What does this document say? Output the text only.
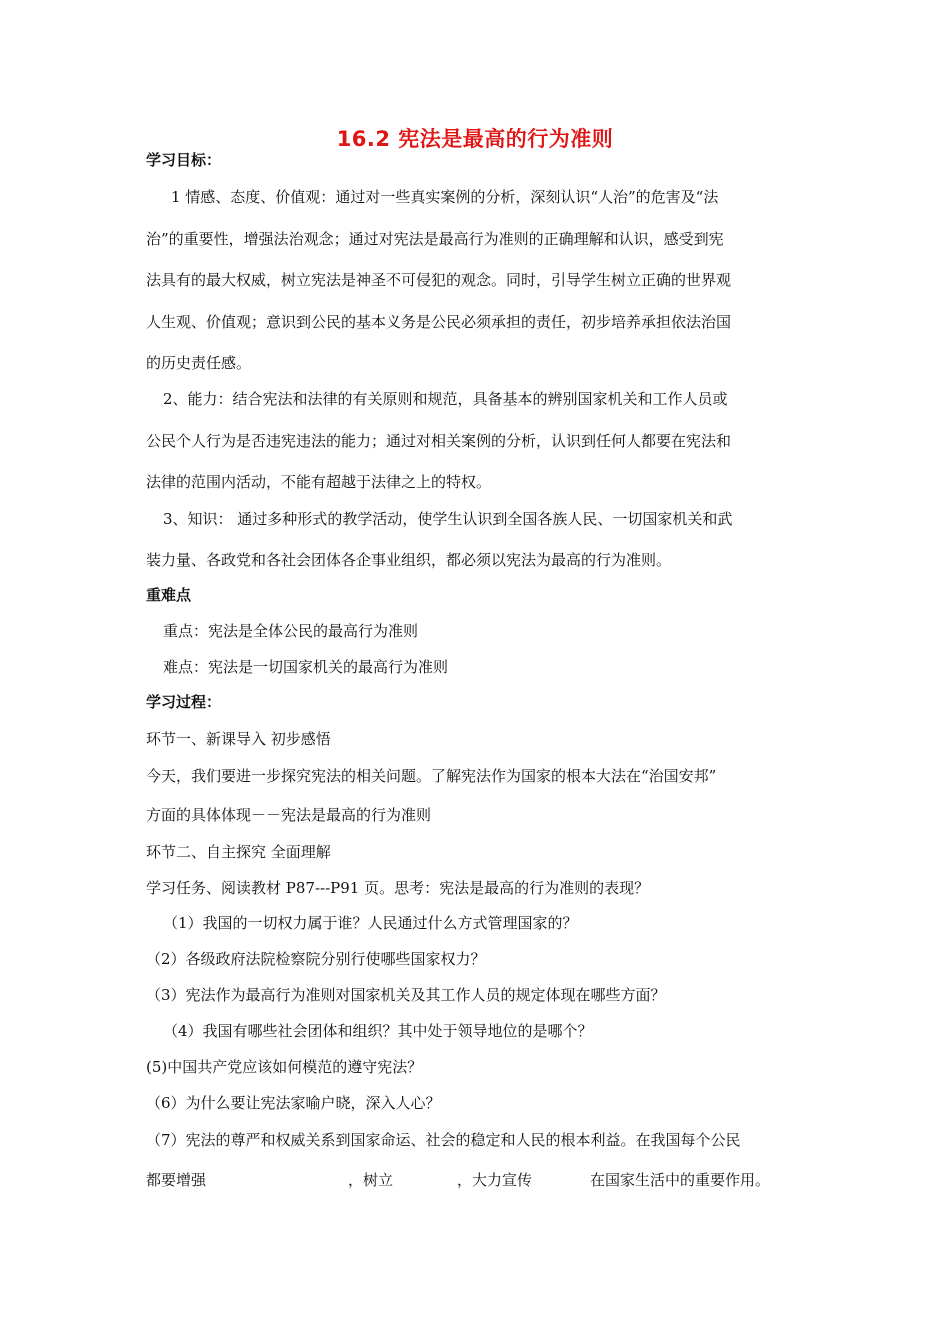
16.2 宪法是最高的行为准则
学习目标：
1 情感、态度、价值观：通过对一些真实案例的分析，深刻认识“人治”的危害及“法
治”的重要性，增强法治观念；通过对宪法是最高行为准则的正确理解和认识，感受到宪
法具有的最大权威，树立宪法是神圣不可侵犯的观念。同时，引导学生树立正确的世界观
人生观、价值观；意识到公民的基本义务是公民必须承担的责任，初步培养承担依法治国
的历史责任感。
2、能力：结合宪法和法律的有关原则和规范，具备基本的辨别国家机关和工作人员或
公民个人行为是否违宪违法的能力；通过对相关案例的分析，认识到任何人都要在宪法和
法律的范围内活动，不能有超越于法律之上的特权。
3、知识： 通过多种形式的教学活动，使学生认识到全国各族人民、一切国家机关和武
装力量、各政党和各社会团体各企事业组织，都必须以宪法为最高的行为准则。
重难点
重点：宪法是全体公民的最高行为准则
难点：宪法是一切国家机关的最高行为准则
学习过程：
环节一、新课导入 初步感悟
今天，我们要进一步探究宪法的相关问题。了解宪法作为国家的根本大法在“治国安邦”
方面的具体体现－－宪法是最高的行为准则
环节二、自主探究 全面理解
学习任务、阅读教材 P87---P91 页。思考：宪法是最高的行为准则的表现？
（1）我国的一切权力属于谁？人民通过什么方式管理国家的？
（2）各级政府法院检察院分别行使哪些国家权力？
（3）宪法作为最高行为准则对国家机关及其工作人员的规定体现在哪些方面？
（4）我国有哪些社会团体和组织？其中处于领导地位的是哪个？
(5)中国共产党应该如何模范的遵守宪法？
（6）为什么要让宪法家喻户晓，深入人心？
（7）宪法的尊严和权威关系到国家命运、社会的稳定和人民的根本利益。在我国每个公民
都要增强	，树立	，大力宣传	在国家生活中的重要作用。
